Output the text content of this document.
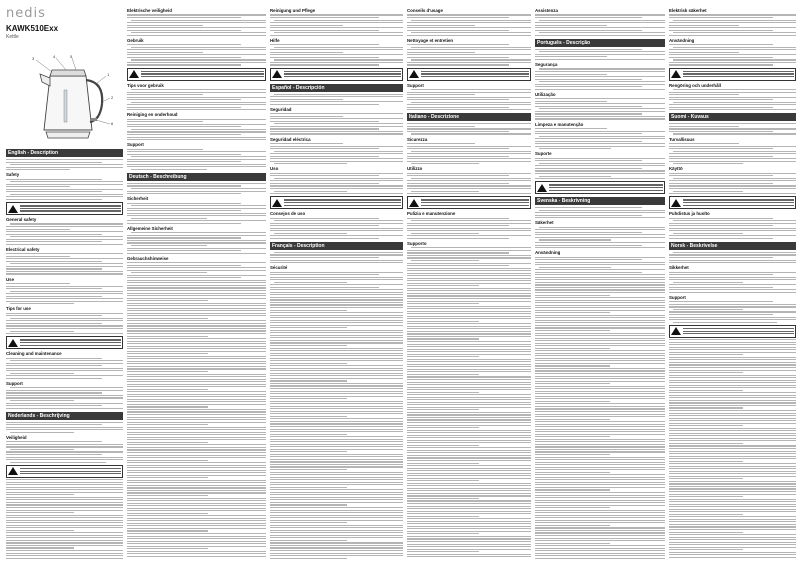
nedis
KAWK510Exx
Kettle
3	4	5
1
2
6
English - Description
Safety
General safety
Electrical safety
Use
Tips for use
Cleaning and maintenance
Support
Nederlands - Beschrijving
Veiligheid
Elektrische veiligheid
Gebruik
Tips voor gebruik
Reiniging en onderhoud
Support
Deutsch - Beschreibung
Sicherheit
Allgemeine Sicherheit
Gebrauchshinweise
Reinigung und Pflege
Hilfe
Español - Descripción
Seguridad
Seguridad eléctrica
Uso
Consejos de uso
Français - Description
Sécurité
Conseils d'usage
Nettoyage et entretien
Support
Italiano - Descrizione
Sicurezza
Utilizzo
Pulizia e manutenzione
Supporto
Assistenza
Português - Descrição
Segurança
Utilização
Limpeza e manutenção
Suporte
Svenska - Beskrivning
Säkerhet
Användning
Elektrisk säkerhet
Användning
Rengöring och underhåll
Suomi - Kuvaus
Turvallisuus
Käyttö
Puhdistus ja huolto
Norsk - Beskrivelse
Sikkerhet
Support
